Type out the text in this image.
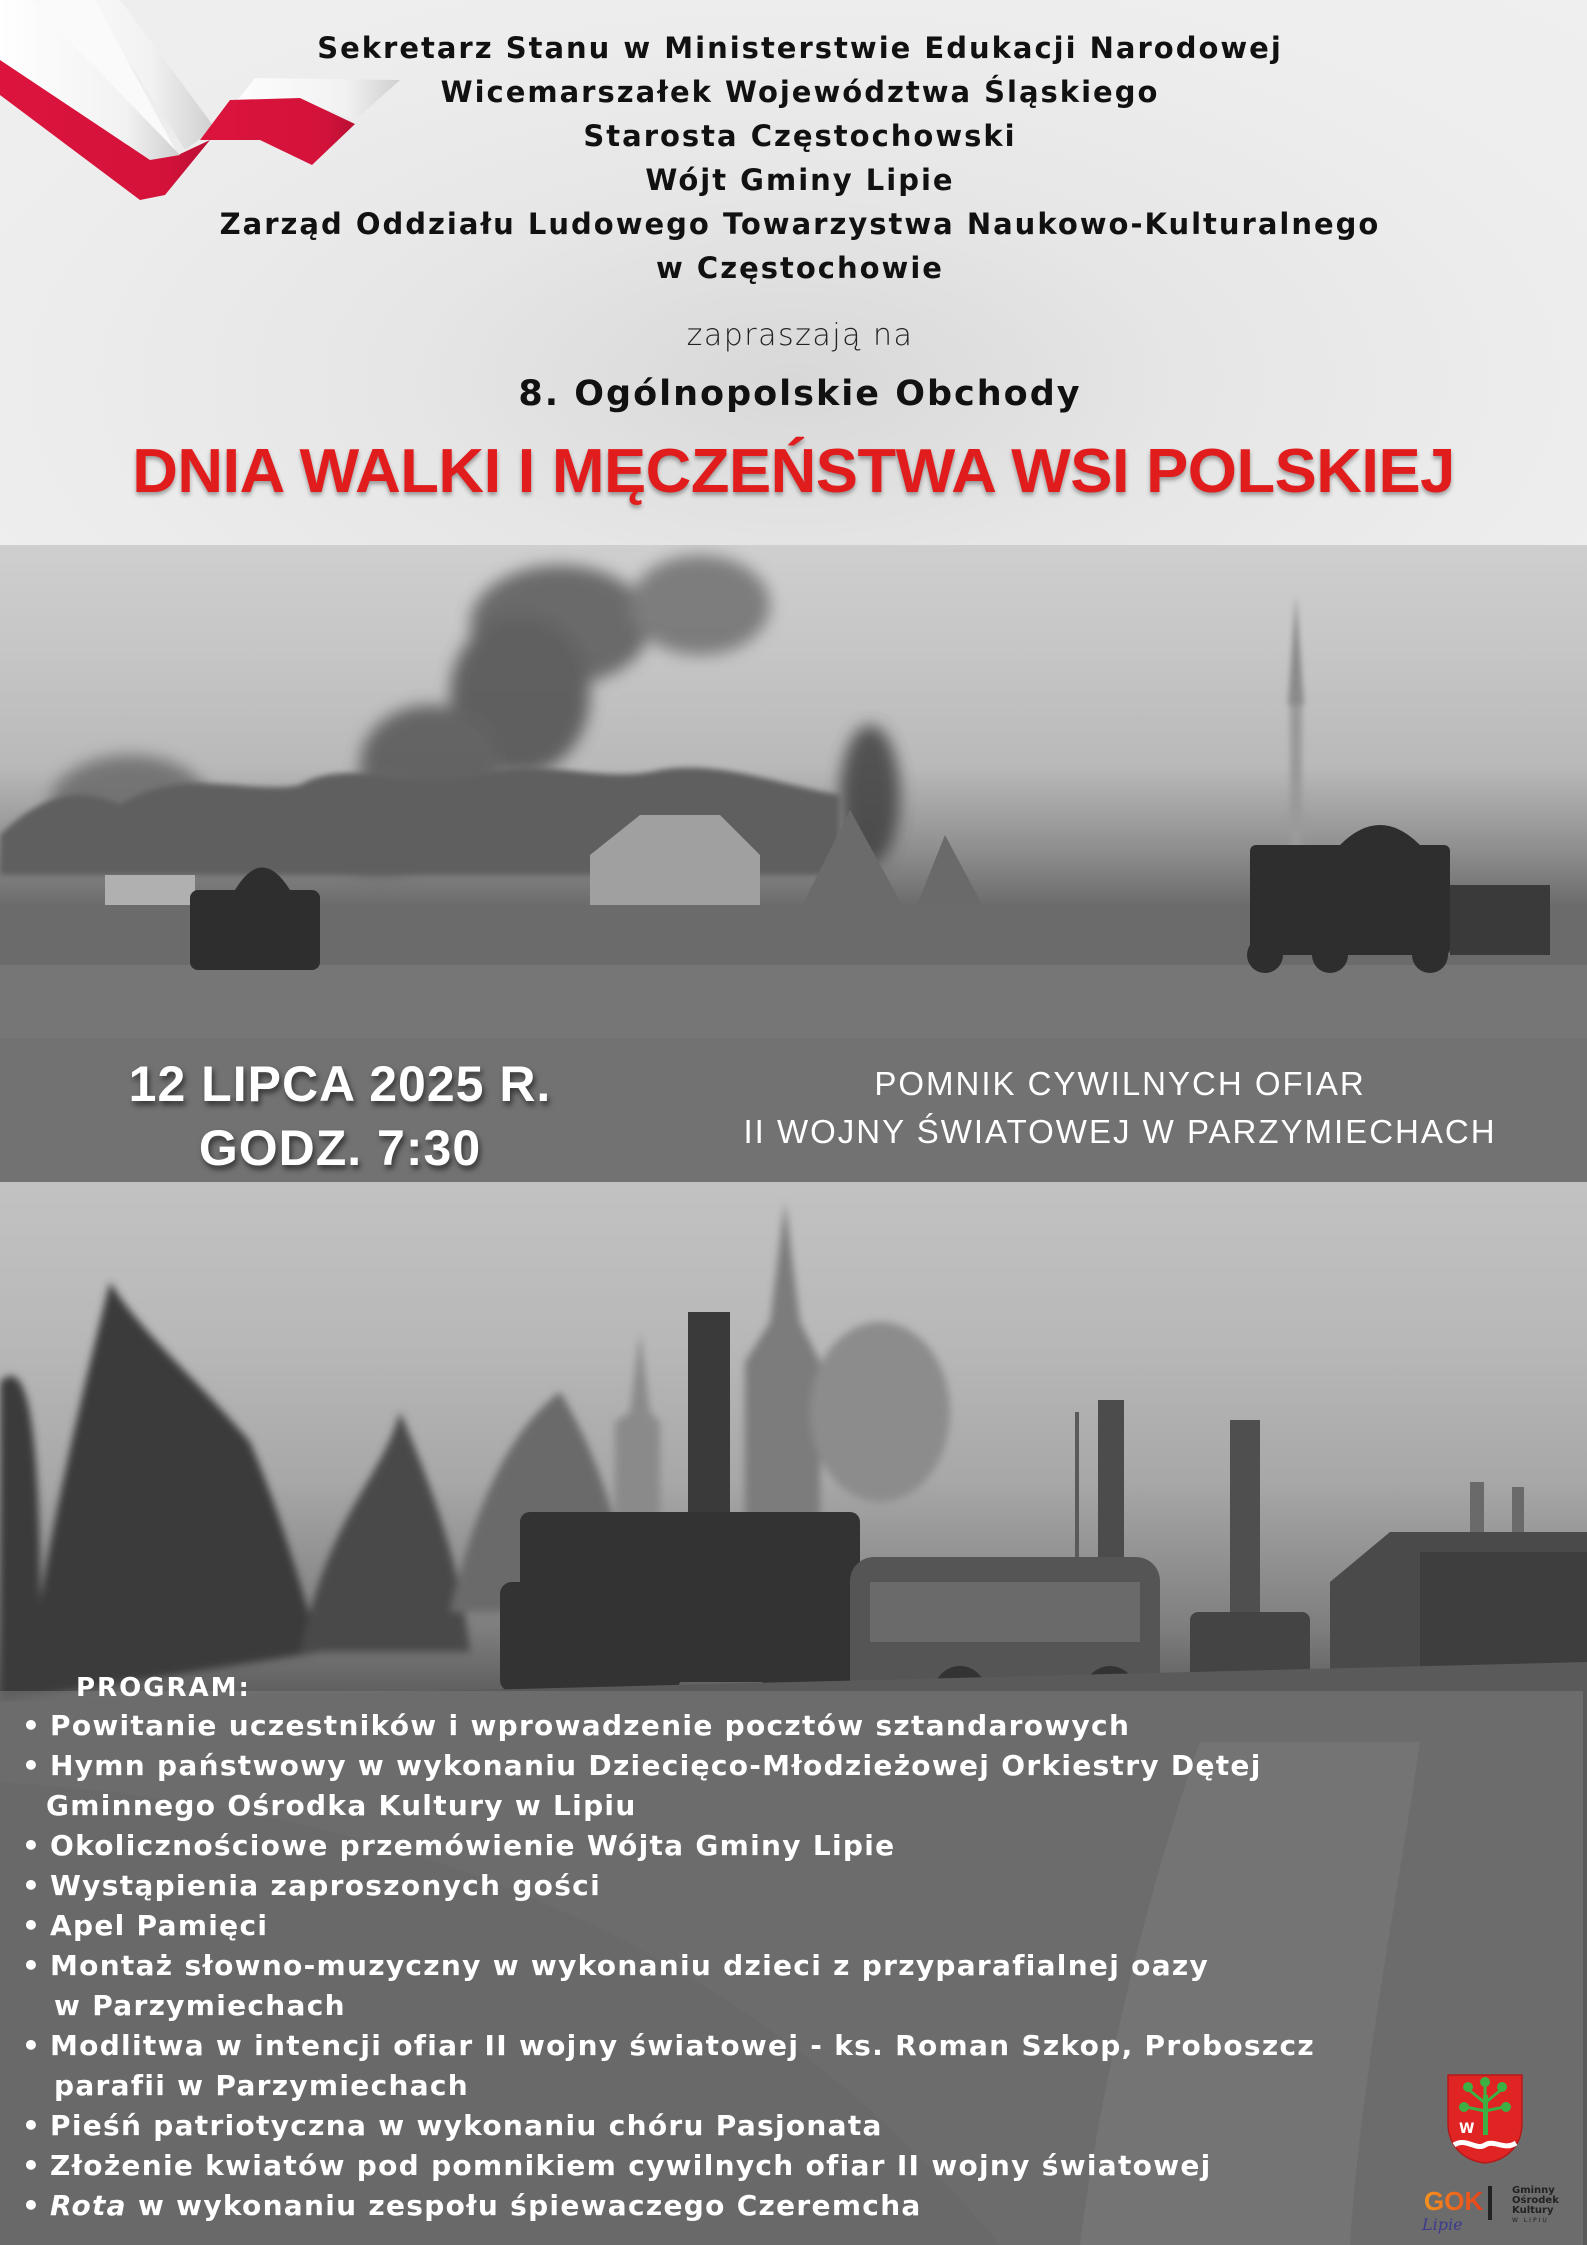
Sekretarz Stanu w Ministerstwie Edukacji Narodowej
Wicemarszałek Województwa Śląskiego
Starosta Częstochowski
Wójt Gminy Lipie
Zarząd Oddziału Ludowego Towarzystwa Naukowo-Kulturalnego
w Częstochowie
zapraszają na
8. Ogólnopolskie Obchody
DNIA WALKI I MĘCZEŃSTWA WSI POLSKIEJ
12 LIPCA 2025 R.
GODZ. 7:30
POMNIK CYWILNYCH OFIAR
II WOJNY ŚWIATOWEJ W PARZYMIECHACH
PROGRAM:
• Powitanie uczestników i wprowadzenie pocztów sztandarowych
• Hymn państwowy w wykonaniu Dziecięco-Młodzieżowej Orkiestry Dętej
Gminnego Ośrodka Kultury w Lipiu
• Okolicznościowe przemówienie Wójta Gminy Lipie
• Wystąpienia zaproszonych gości
• Apel Pamięci
• Montaż słowno-muzyczny w wykonaniu dzieci z przyparafialnej oazy
w Parzymiechach
• Modlitwa w intencji ofiar II wojny światowej - ks. Roman Szkop, Proboszcz
parafii w Parzymiechach
• Pieśń patriotyczna w wykonaniu chóru Pasjonata
• Złożenie kwiatów pod pomnikiem cywilnych ofiar II wojny światowej
• Rota w wykonaniu zespołu śpiewaczego Czeremcha
W
GOK
Lipie
Gminny
Ośrodek
Kultury
W LIPIU
